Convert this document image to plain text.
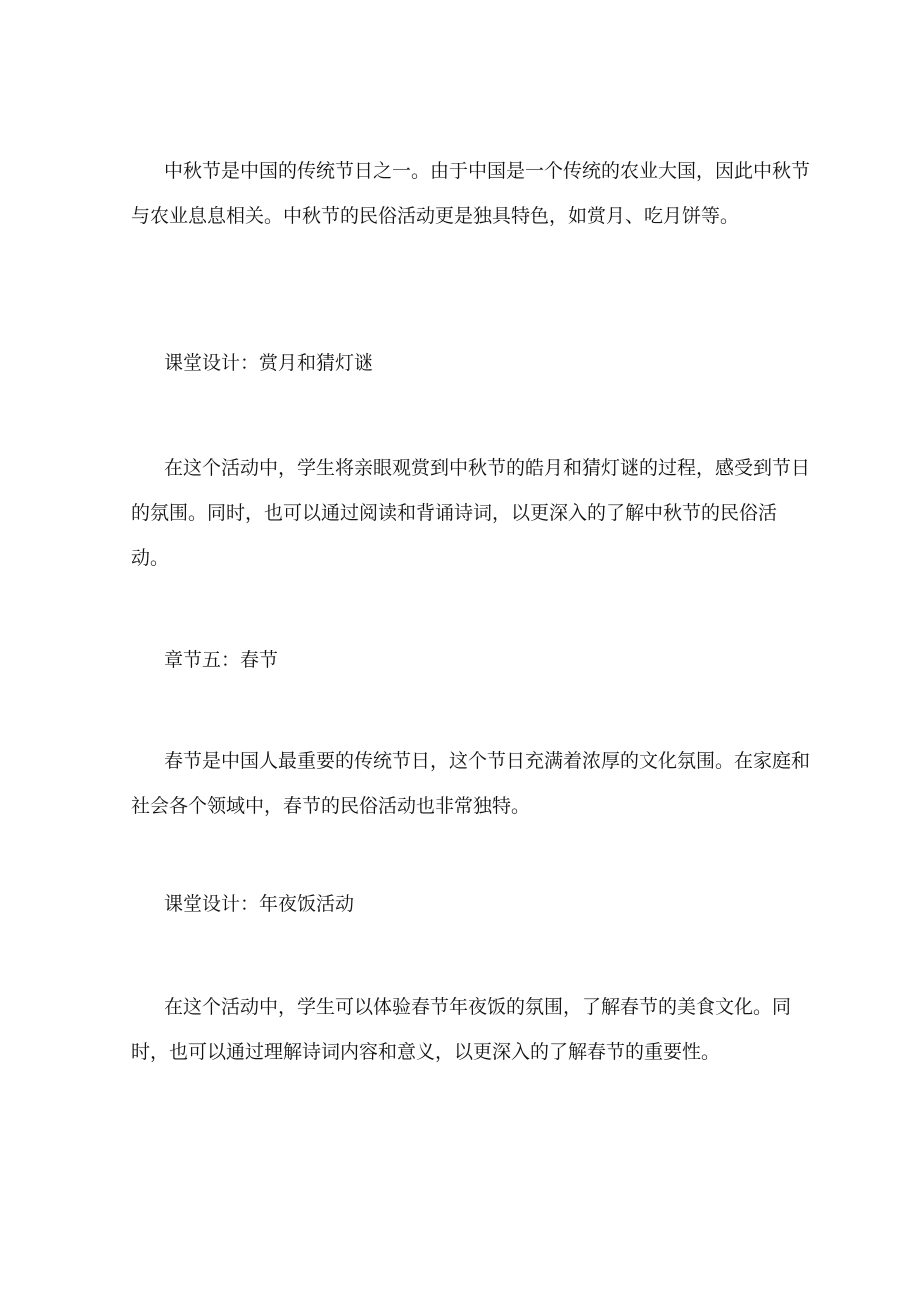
中秋节是中国的传统节日之一。由于中国是一个传统的农业大国，因此中秋节与农业息息相关。中秋节的民俗活动更是独具特色，如赏月、吃月饼等。

课堂设计：赏月和猜灯谜

在这个活动中，学生将亲眼观赏到中秋节的皓月和猜灯谜的过程，感受到节日的氛围。同时，也可以通过阅读和背诵诗词，以更深入的了解中秋节的民俗活动。

章节五：春节

春节是中国人最重要的传统节日，这个节日充满着浓厚的文化氛围。在家庭和社会各个领域中，春节的民俗活动也非常独特。

课堂设计：年夜饭活动

在这个活动中，学生可以体验春节年夜饭的氛围，了解春节的美食文化。同时，也可以通过理解诗词内容和意义，以更深入的了解春节的重要性。
